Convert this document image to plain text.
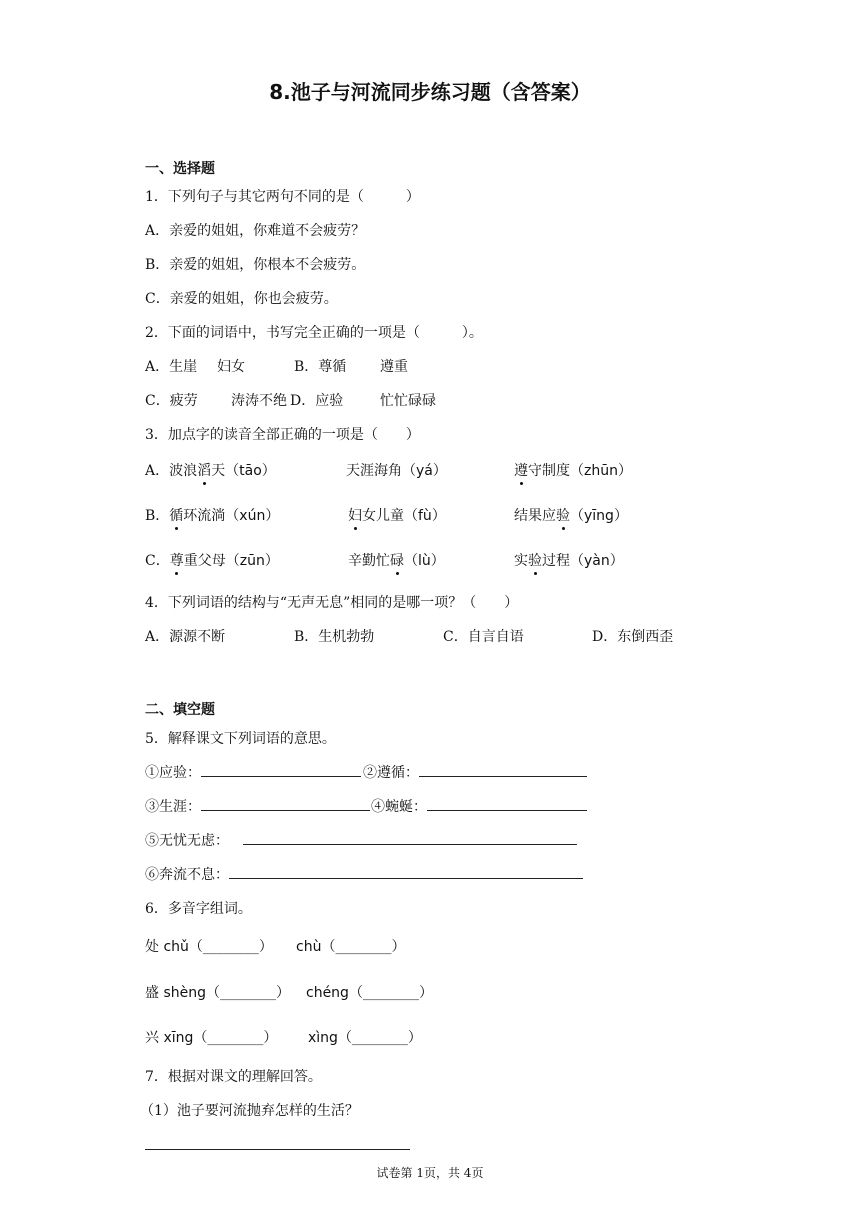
8.池子与河流同步练习题（含答案）
一、选择题
1．下列句子与其它两句不同的是（　　　）
A．亲爱的姐姐，你难道不会疲劳？
B．亲爱的姐姐，你根本不会疲劳。
C．亲爱的姐姐，你也会疲劳。
2．下面的词语中，书写完全正确的一项是（　　　）。
A．生崖 妇女	B．尊循 遵重
C．疲劳 涛涛不绝 D．应验	忙忙碌碌
3．加点字的读音全部正确的一项是（　　）
A．波浪滔天（tāo）	天涯海角（yá）	遵守制度（zhūn）
B．循环流淌（xún）	妇女儿童（fù）	结果应验（yīng）
C．尊重父母（zūn）	辛勤忙碌（lù）	实验过程（yàn）
4．下列词语的结构与“无声无息”相同的是哪一项？（　　）
A．源源不断	B．生机勃勃	C．自言自语	D．东倒西歪
二、填空题
5．解释课文下列词语的意思。
①应验：	②遵循：
③生涯：	④蜿蜒：
⑤无忧无虑：
⑥奔流不息：
6．多音字组词。
处 chǔ（________） chù（________）
盛 shèng（________） chéng（________）
兴 xīng（________） xìng（________）
7．根据对课文的理解回答。
（1）池子要河流抛弃怎样的生活？
试卷第 1页，共 4页
